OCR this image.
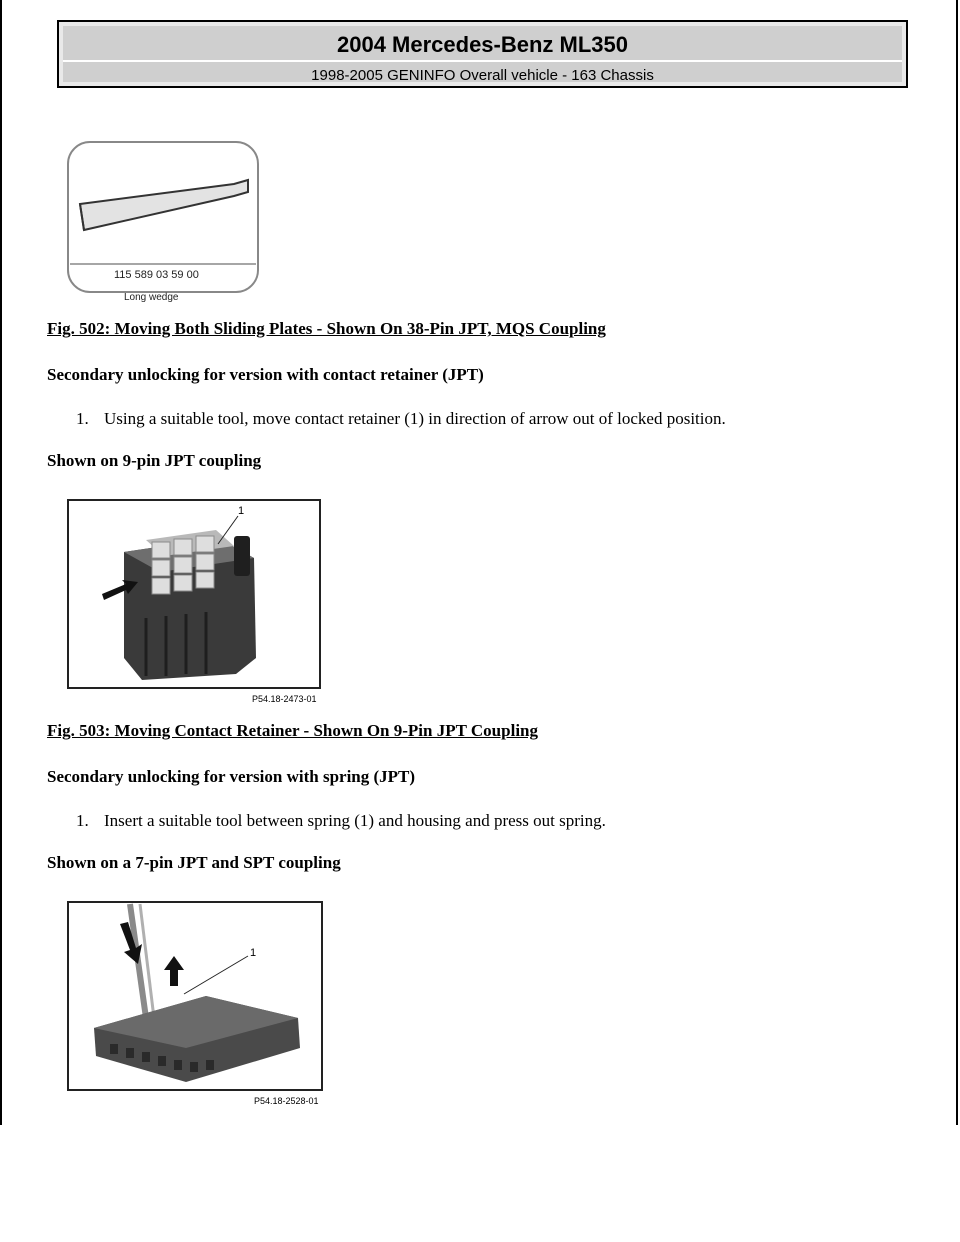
2004 Mercedes-Benz ML350
1998-2005 GENINFO Overall vehicle - 163 Chassis
115 589 03 59 00
Long wedge
Fig. 502: Moving Both Sliding Plates - Shown On 38-Pin JPT, MQS Coupling
Secondary unlocking for version with contact retainer (JPT)
1. Using a suitable tool, move contact retainer (1) in direction of arrow out of locked position.
Shown on 9-pin JPT coupling
1
P54.18-2473-01
Fig. 503: Moving Contact Retainer - Shown On 9-Pin JPT Coupling
Secondary unlocking for version with spring (JPT)
1. Insert a suitable tool between spring (1) and housing and press out spring.
Shown on a 7-pin JPT and SPT coupling
1
P54.18-2528-01
